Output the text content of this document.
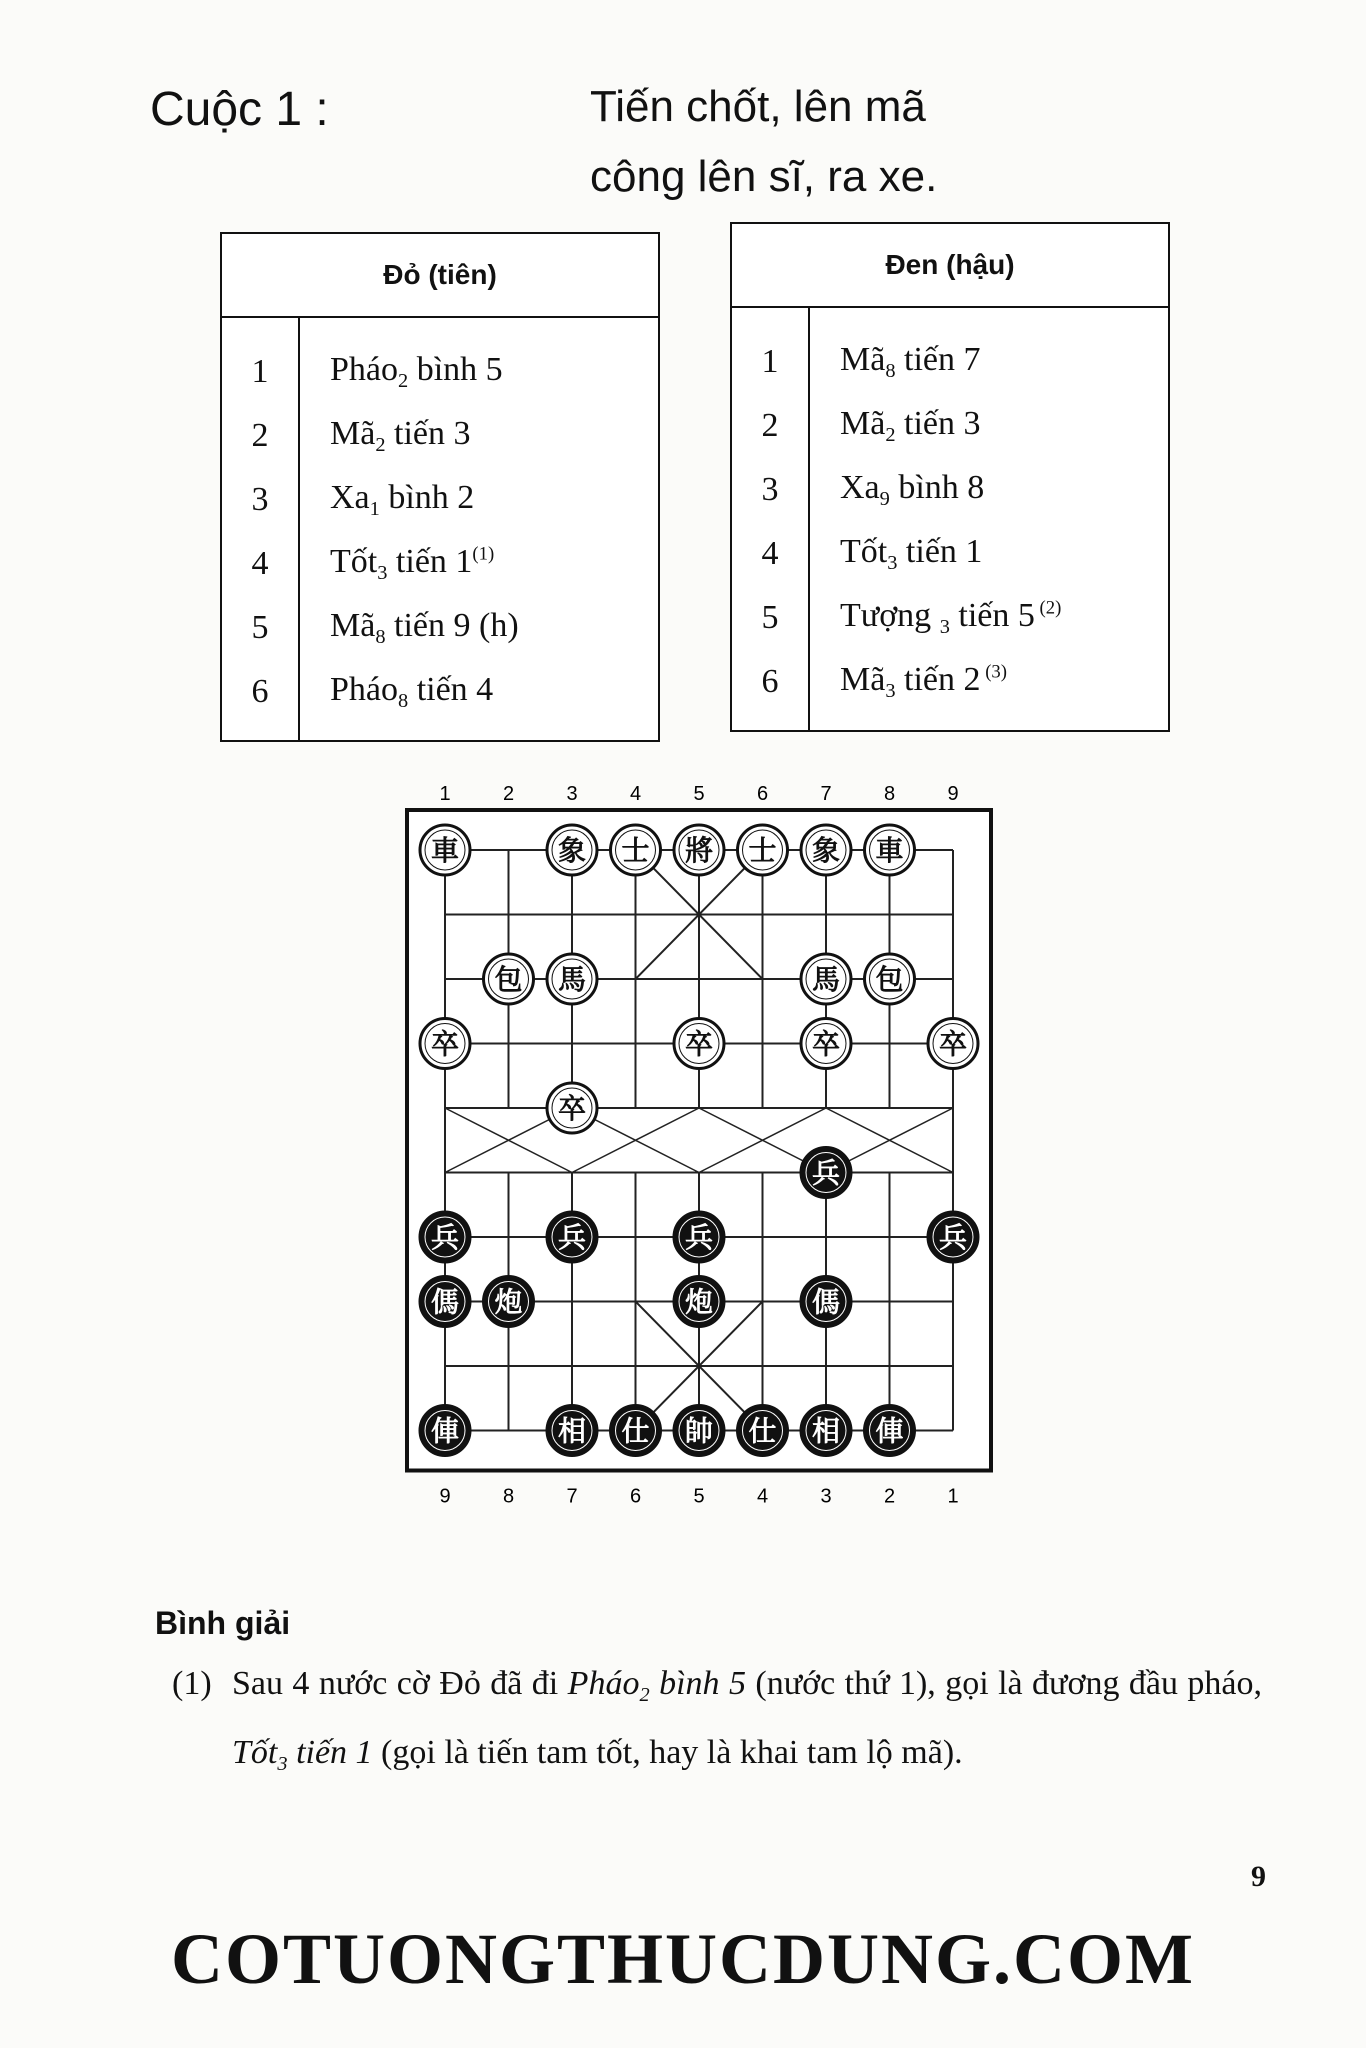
Cuộc 1 :	Tiến chốt, lên mã
công lên sĩ, ra xe.
Đỏ (tiên)	
1	Pháo$_2$ bình 5
2	$Mã_2$ tiến 3
3	$Xa_1$ bình 2
4	Tốt$_3$ tiến 1$^{(1)}$
5	$Mã_8$ tiến 9 (h)
6	Pháo$_8$ tiến 4
Đen (hậu)	
1	$Mã_8$ tiến 7
2	$Mã_2$ tiến 3
3	$Xa_9$ bình 8
4	Tốt$_3$ tiến 1
5	Tượng $_3$ tiến 5 $^{(2)}$
6	$Mã_3$ tiến 2 $^{(3)}$
1	2	3	4	5	6	7	8	9
9	8	7	6	5	4	3	2	1
車	象 士 將 士 象 車
包 馬	馬 包
卒	卒	卒	卒
卒
兵
兵	兵	兵	兵
傌 炮	炮	傌
俥	相 仕 帥 仕 相 俥
Bình giải
(1) Sau 4 nước cờ Đỏ đã đi Pháo$_2$ bình 5 (nước thứ 1), gọi là đương đầu pháo, Tốt$_3$ tiến 1 (gọi là tiến tam tốt, hay là khai tam lộ mã).
9
COTUONGTHUCDUNG.COM
